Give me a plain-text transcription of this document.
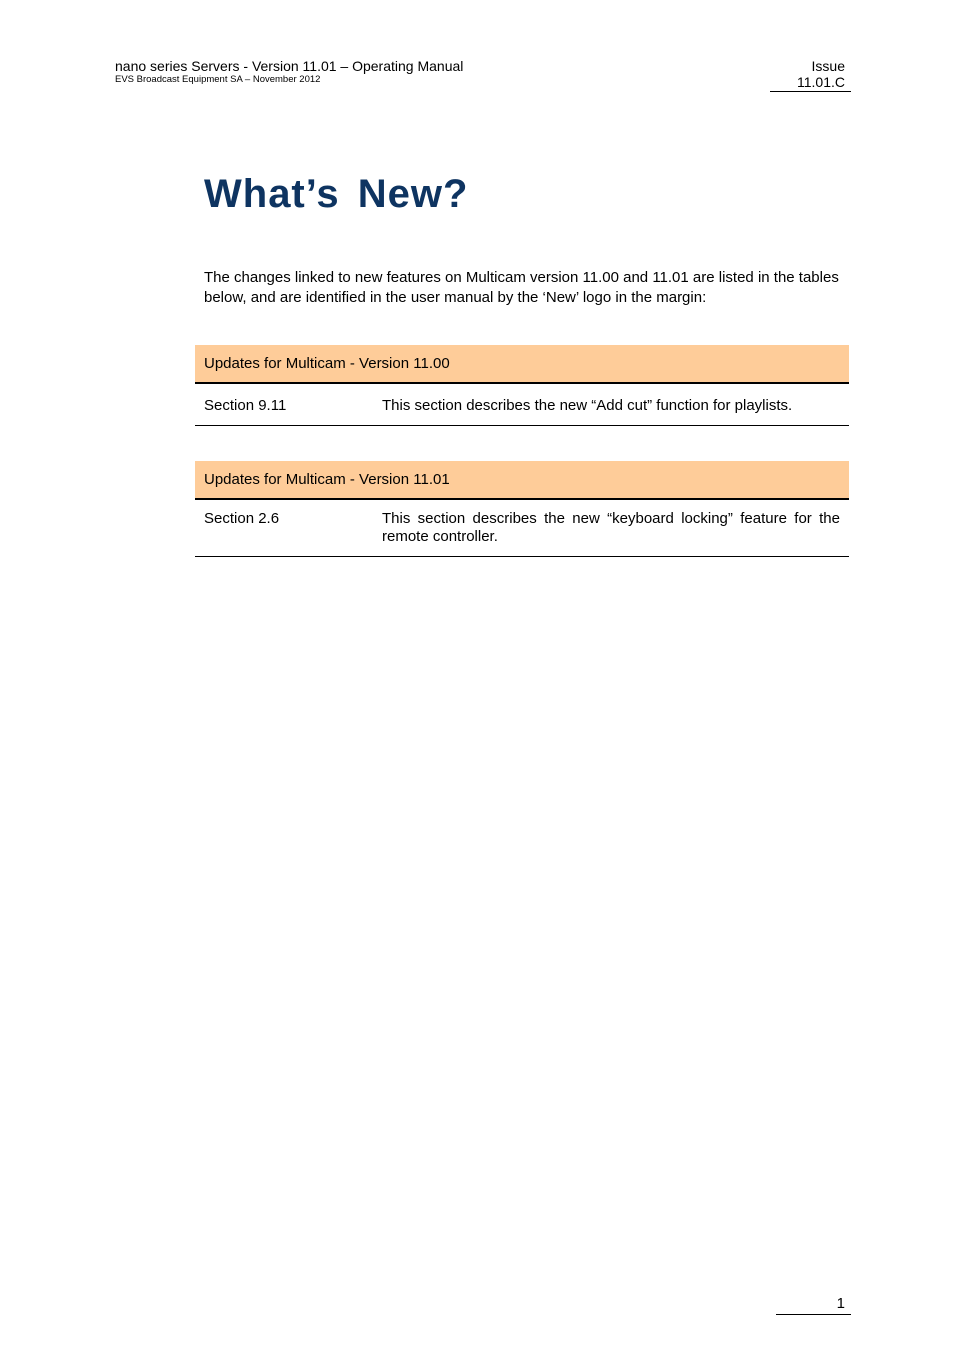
nano series Servers - Version 11.01 – Operating Manual
EVS Broadcast Equipment SA – November 2012
Issue
11.01.C
What’s New?

The changes linked to new features on Multicam version 11.00 and 11.01 are listed in the tables below, and are identified in the user manual by the ‘New’ logo in the margin:

Updates for Multicam - Version 11.00
Section 9.11	This section describes the new “Add cut” function for playlists.
Updates for Multicam - Version 11.01
Section 2.6	This section describes the new “keyboard locking” feature for the remote controller.
1
